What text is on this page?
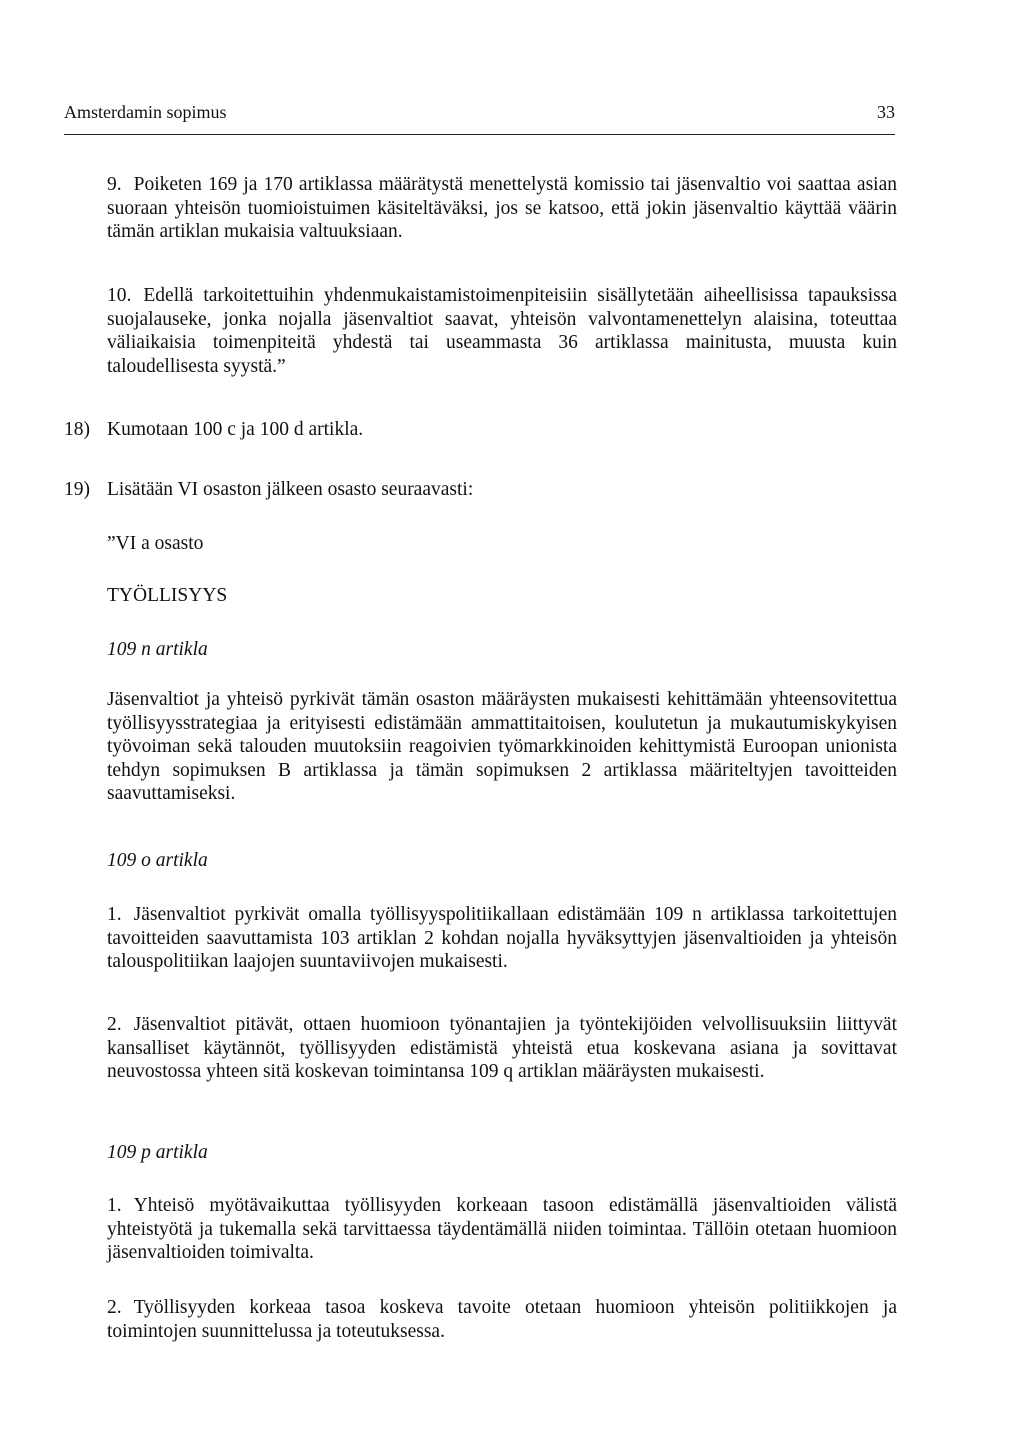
Amsterdamin sopimus	33

9. Poiketen 169 ja 170 artiklassa määrätystä menettelystä komissio tai jäsenvaltio voi saattaa asian suoraan yhteisön tuomioistuimen käsiteltäväksi, jos se katsoo, että jokin jäsenvaltio käyttää väärin tämän artiklan mukaisia valtuuksiaan.

10. Edellä tarkoitettuihin yhdenmukaistamistoimenpiteisiin sisällytetään aiheellisissa tapauksissa suojalauseke, jonka nojalla jäsenvaltiot saavat, yhteisön valvontamenettelyn alaisina, toteuttaa väliaikaisia toimenpiteitä yhdestä tai useammasta 36 artiklassa mainitusta, muusta kuin taloudellisesta syystä.”

18) Kumotaan 100 c ja 100 d artikla.

19) Lisätään VI osaston jälkeen osasto seuraavasti:

”VI a osasto

TYÖLLISYYS

109 n artikla

Jäsenvaltiot ja yhteisö pyrkivät tämän osaston määräysten mukaisesti kehittämään yhteensovitettua työllisyysstrategiaa ja erityisesti edistämään ammattitaitoisen, koulutetun ja mukautumiskykyisen työvoiman sekä talouden muutoksiin reagoivien työmarkkinoiden kehittymistä Euroopan unionista tehdyn sopimuksen B artiklassa ja tämän sopimuksen 2 artiklassa määriteltyjen tavoitteiden saavuttamiseksi.

109 o artikla

1. Jäsenvaltiot pyrkivät omalla työllisyyspolitiikallaan edistämään 109 n artiklassa tarkoitettujen tavoitteiden saavuttamista 103 artiklan 2 kohdan nojalla hyväksyttyjen jäsenvaltioiden ja yhteisön talouspolitiikan laajojen suuntaviivojen mukaisesti.

2. Jäsenvaltiot pitävät, ottaen huomioon työnantajien ja työntekijöiden velvollisuuksiin liittyvät kansalliset käytännöt, työllisyyden edistämistä yhteistä etua koskevana asiana ja sovittavat neuvostossa yhteen sitä koskevan toimintansa 109 q artiklan määräysten mukaisesti.

109 p artikla

1. Yhteisö myötävaikuttaa työllisyyden korkeaan tasoon edistämällä jäsenvaltioiden välistä yhteistyötä ja tukemalla sekä tarvittaessa täydentämällä niiden toimintaa. Tällöin otetaan huomioon jäsenvaltioiden toimivalta.

2. Työllisyyden korkeaa tasoa koskeva tavoite otetaan huomioon yhteisön politiikkojen ja toimintojen suunnittelussa ja toteutuksessa.
